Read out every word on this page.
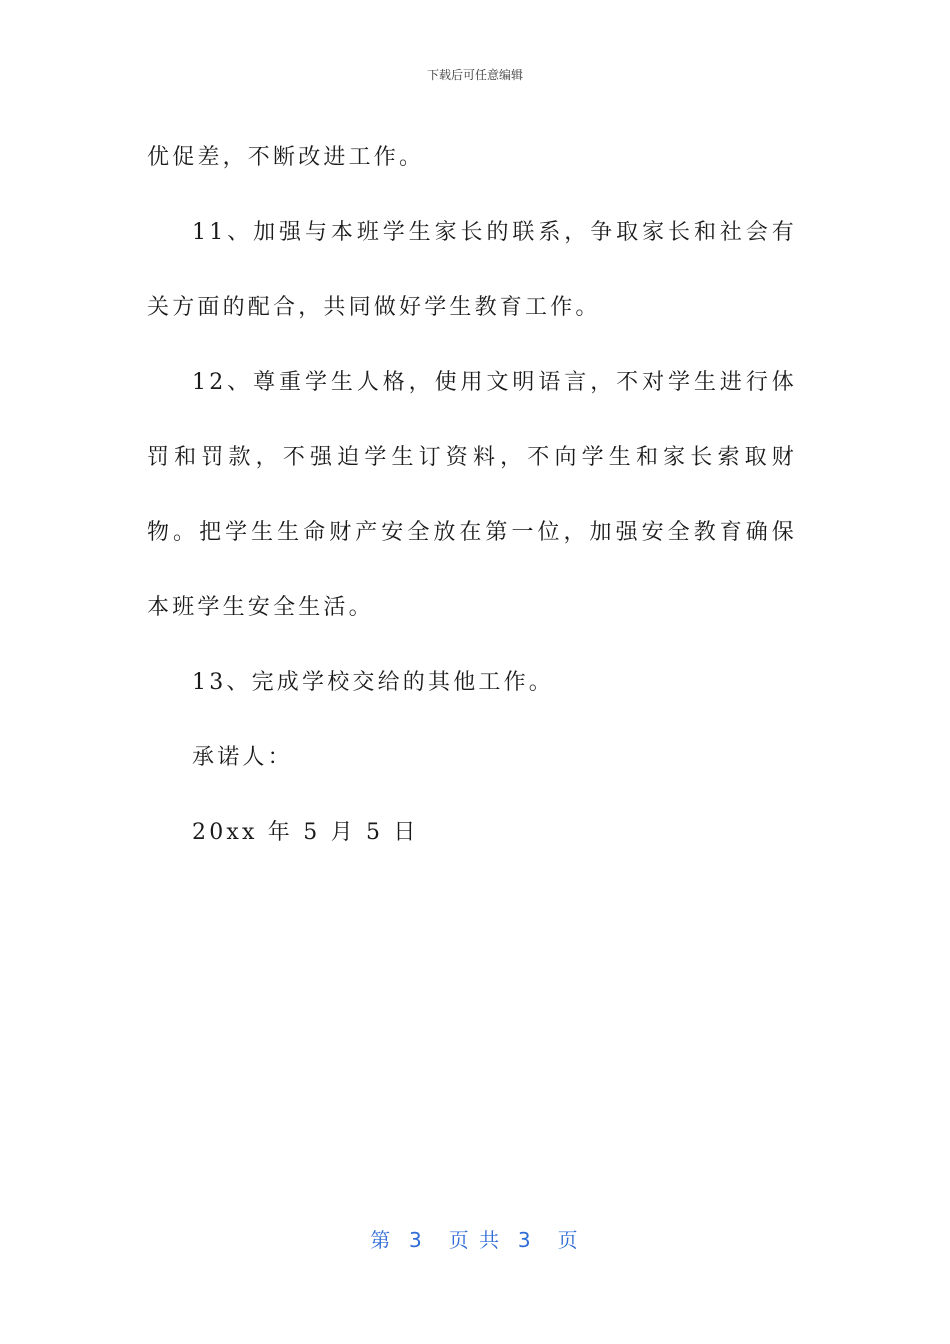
下载后可任意编辑

优促差，不断改进工作。

11、加强与本班学生家长的联系，争取家长和社会有关方面的配合，共同做好学生教育工作。

12、尊重学生人格，使用文明语言，不对学生进行体罚和罚款，不强迫学生订资料，不向学生和家长索取财物。把学生生命财产安全放在第一位，加强安全教育确保本班学生安全生活。

13、完成学校交给的其他工作。

承诺人：

20xx 年 5 月 5 日

第  3   页 共  3   页
